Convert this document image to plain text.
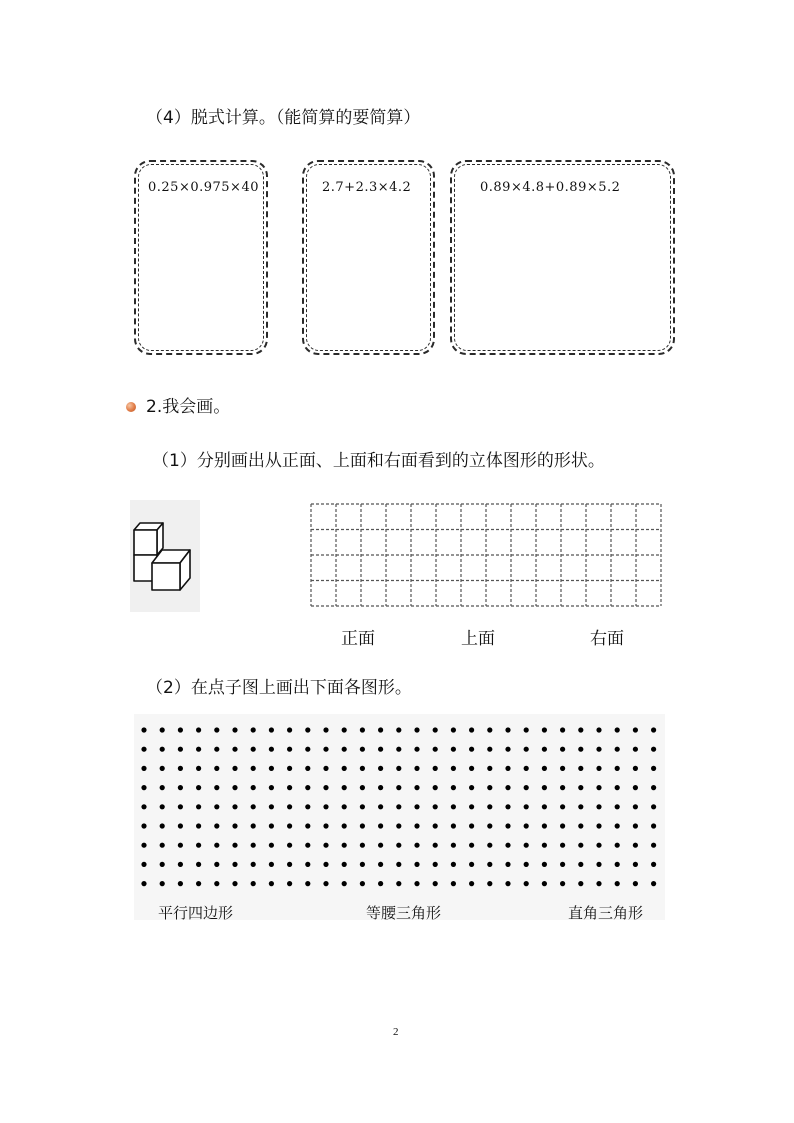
（4）脱式计算。（能简算的要简算）
0.25×0.975×40	2.7+2.3×4.2	0.89×4.8+0.89×5.2
2.我会画。
（1）分别画出从正面、上面和右面看到的立体图形的形状。
正面	上面	右面
（2）在点子图上画出下面各图形。
平行四边形	等腰三角形	直角三角形
2
